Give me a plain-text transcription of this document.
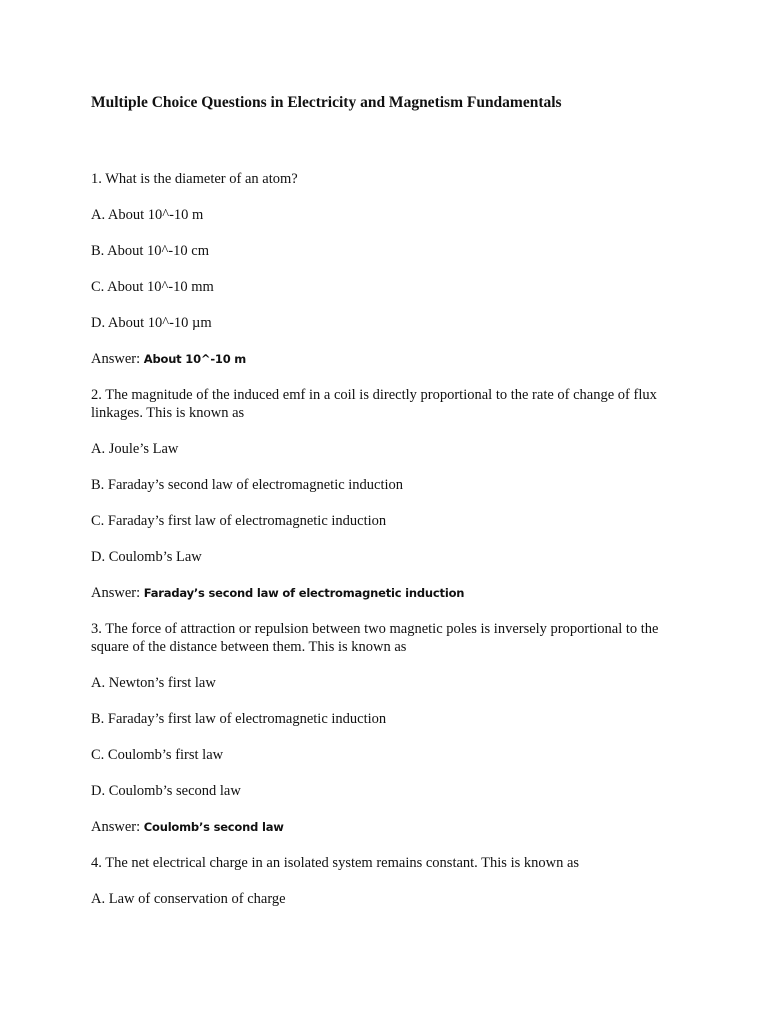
Multiple Choice Questions in Electricity and Magnetism Fundamentals
1. What is the diameter of an atom?
A. About 10^-10 m
B. About 10^-10 cm
C. About 10^-10 mm
D. About 10^-10 µm
Answer: About 10^-10 m
2. The magnitude of the induced emf in a coil is directly proportional to the rate of change of flux linkages. This is known as
A. Joule’s Law
B. Faraday’s second law of electromagnetic induction
C. Faraday’s first law of electromagnetic induction
D. Coulomb’s Law
Answer: Faraday’s second law of electromagnetic induction
3. The force of attraction or repulsion between two magnetic poles is inversely proportional to the square of the distance between them. This is known as
A. Newton’s first law
B. Faraday’s first law of electromagnetic induction
C. Coulomb’s first law
D. Coulomb’s second law
Answer: Coulomb’s second law
4. The net electrical charge in an isolated system remains constant. This is known as
A. Law of conservation of charge
